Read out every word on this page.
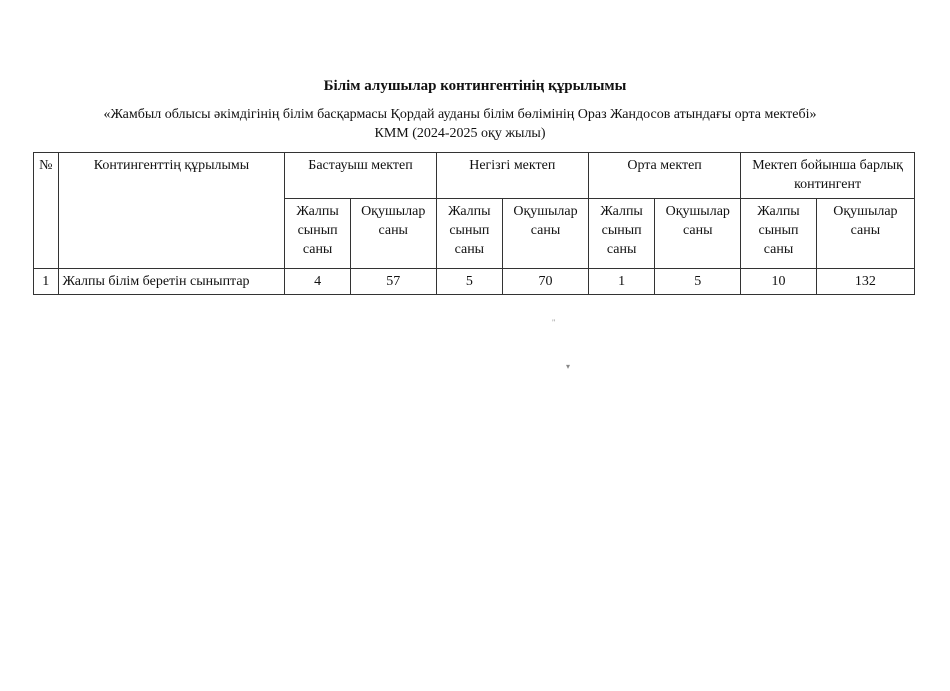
Білім алушылар контингентінің құрылымы
«Жамбыл облысы әкімдігінің білім басқармасы Қордай ауданы білім бөлімінің Ораз Жандосов атындағы орта мектебі»
КММ (2024-2025 оқу жылы)
№	Контингенттің құрылымы	Бастауыш мектеп		Негізгі мектеп		Орта мектеп		Мектеп бойынша барлық контингент	
		Жалпы сынып саны	Оқушылар саны	Жалпы сынып саны	Оқушылар саны	Жалпы сынып саны	Оқушылар саны	Жалпы сынып саны	Оқушылар саны
1	Жалпы білім беретін сыныптар	4	57	5	70	1	5	10	132
"
▾
